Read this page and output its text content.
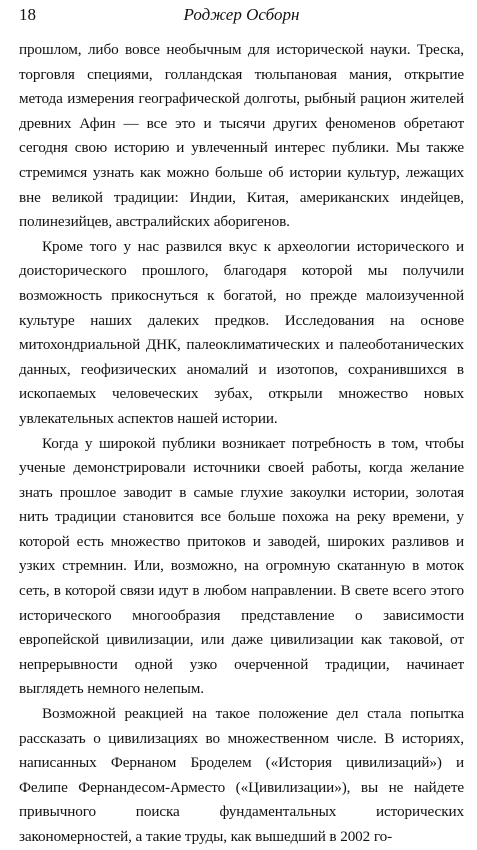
18	Роджер Осборн

прошлом, либо вовсе необычным для исторической науки. Треска, торговля специями, голландская тюльпановая мания, открытие метода измерения географической долготы, рыбный рацион жителей древних Афин — все это и тысячи других феноменов обретают сегодня свою историю и увлеченный интерес публики. Мы также стремимся узнать как можно больше об истории культур, лежащих вне великой традиции: Индии, Китая, американских индейцев, полинезийцев, австралийских аборигенов.

Кроме того у нас развился вкус к археологии исторического и доисторического прошлого, благодаря которой мы получили возможность прикоснуться к богатой, но прежде малоизученной культуре наших далеких предков. Исследования на основе митохондриальной ДНК, палеоклиматических и палеоботанических данных, геофизических аномалий и изотопов, сохранившихся в ископаемых человеческих зубах, открыли множество новых увлекательных аспектов нашей истории.

Когда у широкой публики возникает потребность в том, чтобы ученые демонстрировали источники своей работы, когда желание знать прошлое заводит в самые глухие закоулки истории, золотая нить традиции становится все больше похожа на реку времени, у которой есть множество притоков и заводей, широких разливов и узких стремнин. Или, возможно, на огромную скатанную в моток сеть, в которой связи идут в любом направлении. В свете всего этого исторического многообразия представление о зависимости европейской цивилизации, или даже цивилизации как таковой, от непрерывности одной узко очерченной традиции, начинает выглядеть немного нелепым.

Возможной реакцией на такое положение дел стала попытка рассказать о цивилизациях во множественном числе. В историях, написанных Фернаном Броделем («История цивилизаций») и Фелипе Фернандесом-Арместо («Цивилизации»), вы не найдете привычного поиска фундаментальных исторических закономерностей, а такие труды, как вышедший в 2002 го-
